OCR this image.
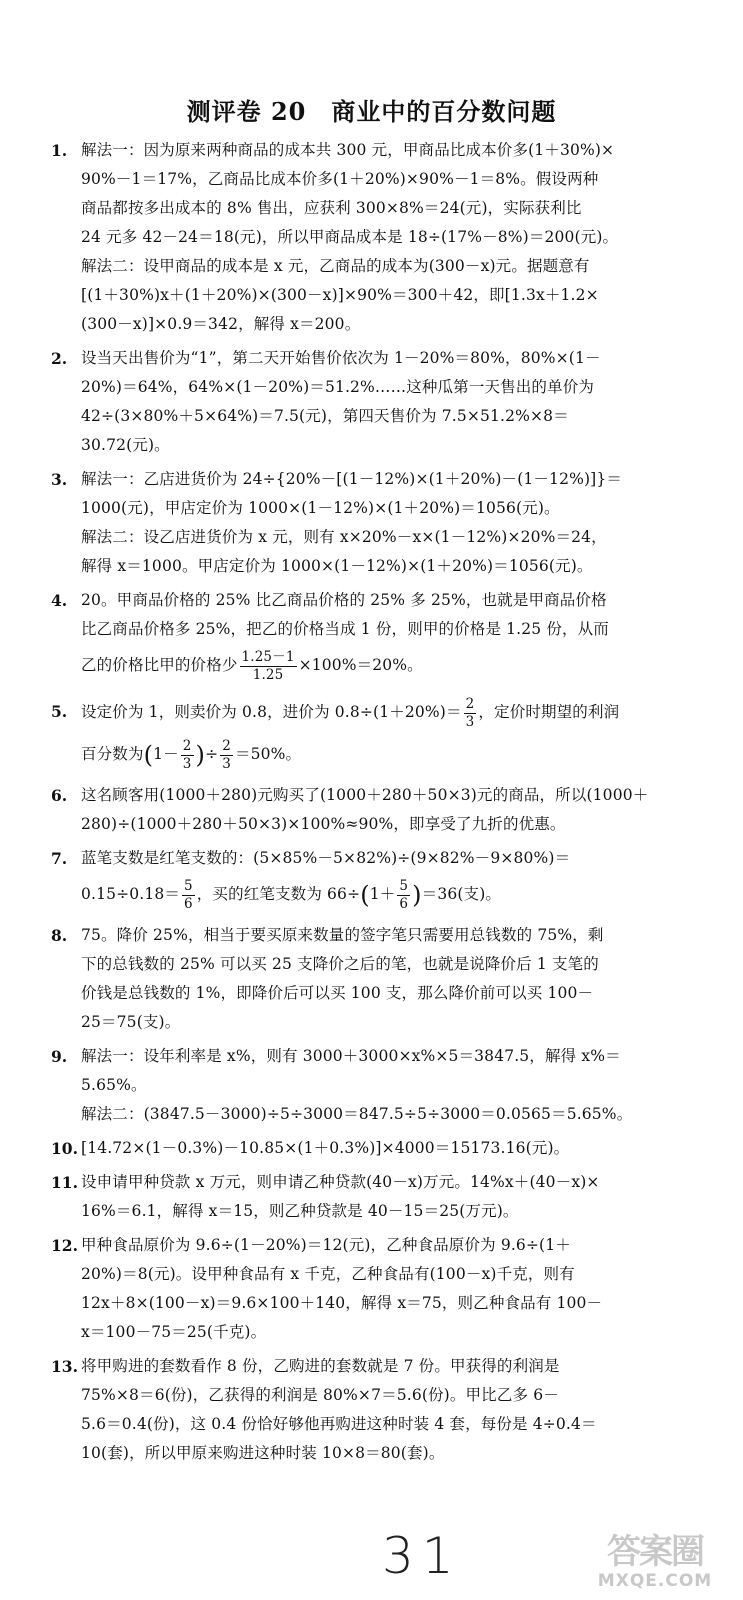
测评卷 20　商业中的百分数问题
1. 解法一：因为原来两种商品的成本共 300 元，甲商品比成本价多(1＋30%)×
90%－1＝17%，乙商品比成本价多(1＋20%)×90%－1＝8%。假设两种
商品都按多出成本的 8% 售出，应获利 300×8%＝24(元)，实际获利比
24 元多 42－24＝18(元)，所以甲商品成本是 18÷(17%－8%)＝200(元)。
解法二：设甲商品的成本是 x 元，乙商品的成本为(300－x)元。据题意有
[(1＋30%)x＋(1＋20%)×(300－x)]×90%＝300＋42，即[1.3x＋1.2×
(300－x)]×0.9＝342，解得 x＝200。
2. 设当天出售价为“1”，第二天开始售价依次为 1－20%＝80%，80%×(1－
20%)＝64%，64%×(1－20%)＝51.2%……这种瓜第一天售出的单价为
42÷(3×80%＋5×64%)＝7.5(元)，第四天售价为 7.5×51.2%×8＝
30.72(元)。
3. 解法一：乙店进货价为 24÷{20%－[(1－12%)×(1＋20%)－(1－12%)]}＝
1000(元)，甲店定价为 1000×(1－12%)×(1＋20%)＝1056(元)。
解法二：设乙店进货价为 x 元，则有 x×20%－x×(1－12%)×20%＝24，
解得 x＝1000。甲店定价为 1000×(1－12%)×(1＋20%)＝1056(元)。
4. 20。甲商品价格的 25% 比乙商品价格的 25% 多 25%，也就是甲商品价格
比乙商品价格多 25%，把乙的价格当成 1 份，则甲的价格是 1.25 份，从而
乙的价格比甲的价格少 $\frac{1.25-1}{1.25} \times 100\%=20\%$。
5. 设定价为 1，则卖价为 0.8，进价为 $0.8\div(1+20\%)= \frac{2}{3}$ ，定价时期望的利润
百分数为($1- \frac{2}{3}$ )÷ $\frac{2}{3} =50\%$。
6. 这名顾客用(1000＋280)元购买了(1000＋280＋50×3)元的商品，所以(1000＋
280)÷(1000＋280＋50×3)×100%≈90%，即享受了九折的优惠。
7. 蓝笔支数是红笔支数的：(5×85%－5×82%)÷(9×82%－9×80%)＝
$0.15\div 0.18= \frac{5}{6}$ ，买的红笔支数为 $66\div(1+ \frac{5}{6} )=36$(支)。
8. 75。降价 25%，相当于要买原来数量的签字笔只需要用总钱数的 75%，剩
下的总钱数的 25% 可以买 25 支降价之后的笔，也就是说降价后 1 支笔的
价钱是总钱数的 1%，即降价后可以买 100 支，那么降价前可以买 100－
25＝75(支)。
9. 解法一：设年利率是 x%，则有 3000＋3000×x%×5＝3847.5，解得 x%＝
5.65%。
解法二：(3847.5－3000)÷5÷3000＝847.5÷5÷3000＝0.0565＝5.65%。
10. [14.72×(1－0.3%)－10.85×(1＋0.3%)]×4000＝15173.16(元)。
11. 设申请甲种贷款 x 万元，则申请乙种贷款(40－x)万元。14%x＋(40－x)×
16%＝6.1，解得 x＝15，则乙种贷款是 40－15＝25(万元)。
12. 甲种食品原价为 9.6÷(1－20%)＝12(元)，乙种食品原价为 9.6÷(1＋
20%)＝8(元)。设甲种食品有 x 千克，乙种食品有(100－x)千克，则有
12x＋8×(100－x)＝9.6×100＋140，解得 x＝75，则乙种食品有 100－
x＝100－75＝25(千克)。
13. 将甲购进的套数看作 8 份，乙购进的套数就是 7 份。甲获得的利润是
75%×8＝6(份)，乙获得的利润是 80%×7＝5.6(份)。甲比乙多 6－
5.6＝0.4(份)，这 0.4 份恰好够他再购进这种时装 4 套，每份是 4÷0.4＝
10(套)，所以甲原来购进这种时装 10×8＝80(套)。
31	答案圈
MXQE.COM
